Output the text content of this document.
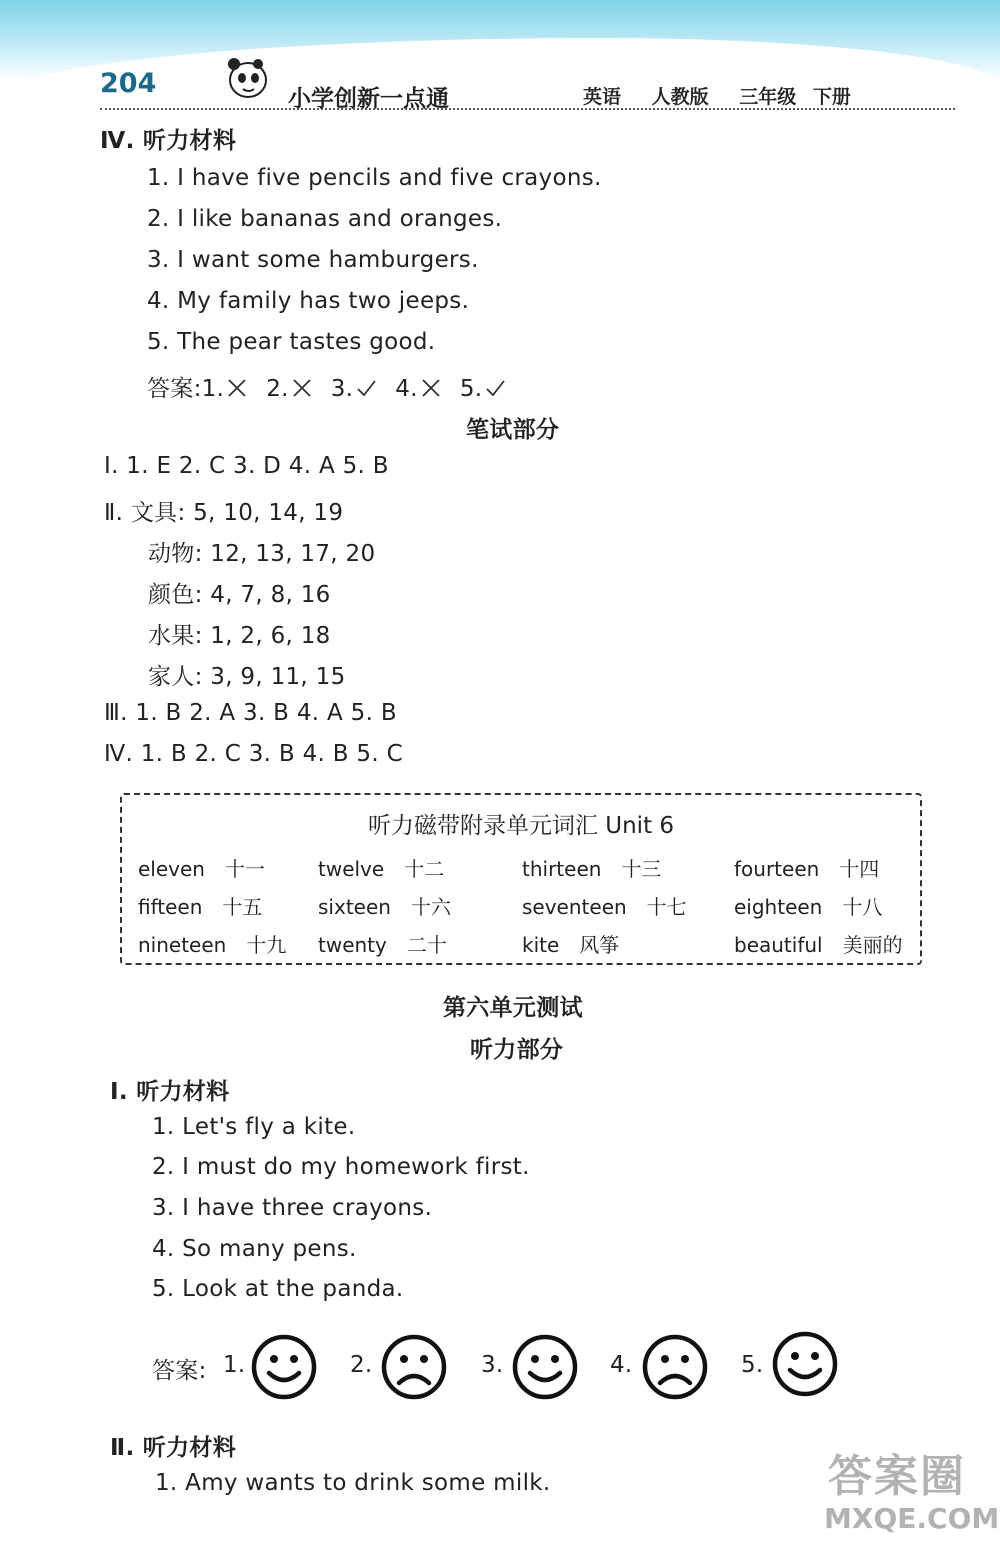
204	小学创新一点通	英语 人教版 三年级 下册
Ⅳ. 听力材料
1. I have five pencils and five crayons.
2. I like bananas and oranges.
3. I want some hamburgers.
4. My family has two jeeps.
5. The pear tastes good.
答案:1. 2. 3. 4. 5.
笔试部分
Ⅰ. 1. E 2. C 3. D 4. A 5. B
Ⅱ. 文具: 5, 10, 14, 19
动物: 12, 13, 17, 20
颜色: 4, 7, 8, 16
水果: 1, 2, 6, 18
家人: 3, 9, 11, 15
Ⅲ. 1. B 2. A 3. B 4. A 5. B
Ⅳ. 1. B 2. C 3. B 4. B 5. C
听力磁带附录单元词汇 Unit 6
eleven 十一	twelve 十二	thirteen 十三	fourteen 十四
fifteen 十五	sixteen 十六	seventeen 十七 eighteen 十八
nineteen 十九 twenty 二十	kite 风筝	beautiful 美丽的
第六单元测试
听力部分
Ⅰ. 听力材料
1. Let's fly a kite.
2. I must do my homework first.
3. I have three crayons.
4. So many pens.
5. Look at the panda.
答案: 1.	2.	3.	4.	5.
Ⅱ. 听力材料
1. Amy wants to drink some milk.	答案圈
MXQE.COM
